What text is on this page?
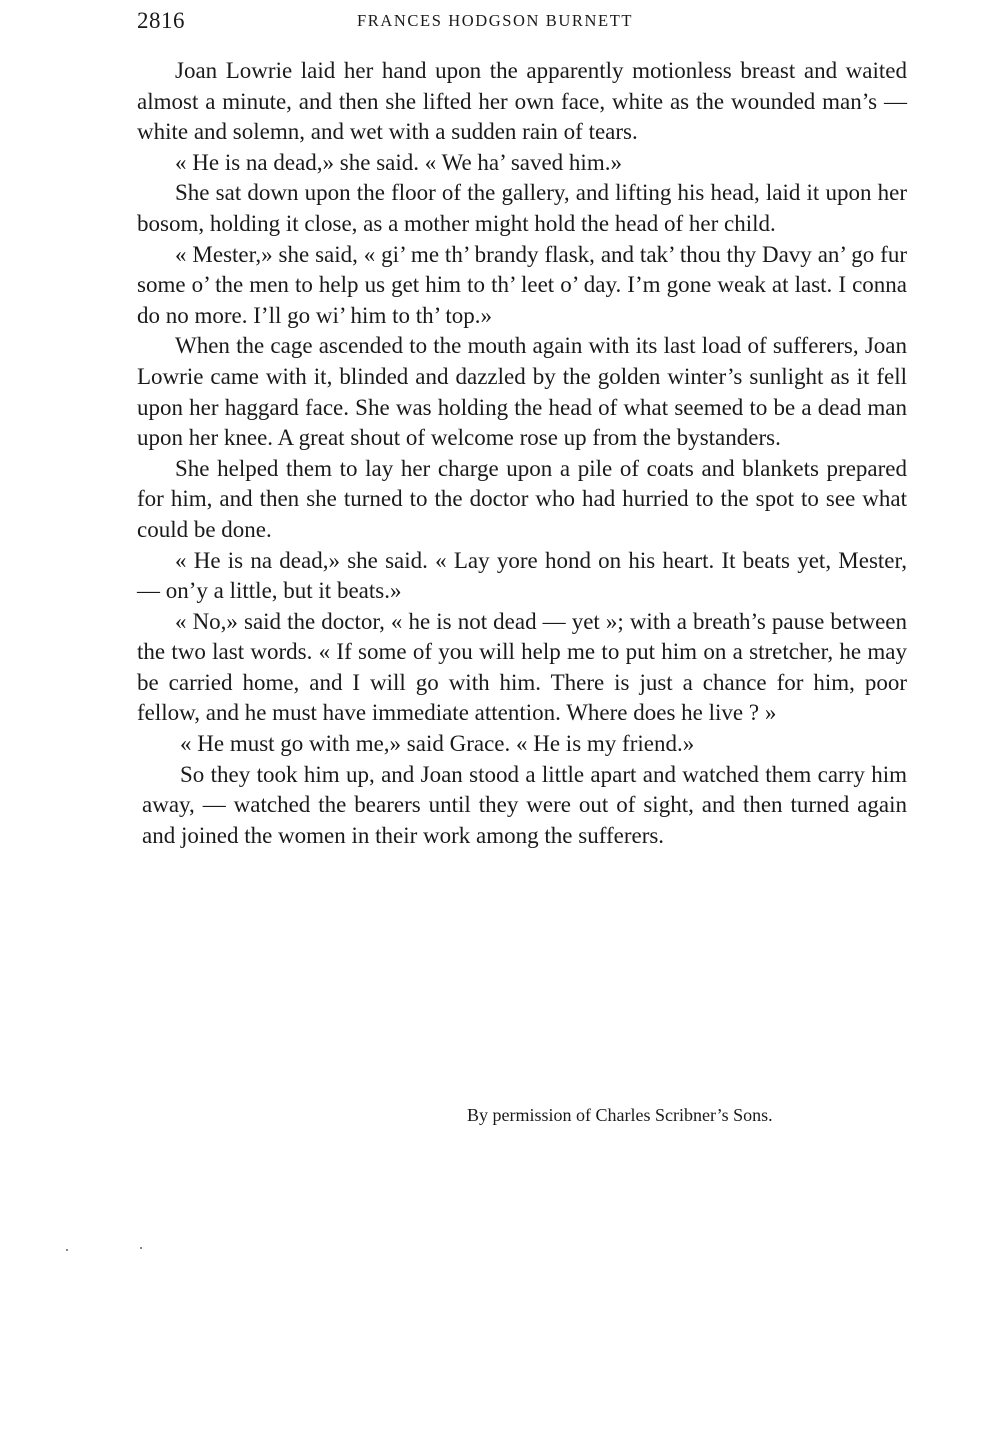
2816	FRANCES HODGSON BURNETT

Joan Lowrie laid her hand upon the apparently motionless breast and waited almost a minute, and then she lifted her own face, white as the wounded man’s — white and solemn, and wet with a sudden rain of tears.

« He is na dead,» she said. « We ha’ saved him.»

She sat down upon the floor of the gallery, and lifting his head, laid it upon her bosom, holding it close, as a mother might hold the head of her child.

« Mester,» she said, « gi’ me th’ brandy flask, and tak’ thou thy Davy an’ go fur some o’ the men to help us get him to th’ leet o’ day. I’m gone weak at last. I conna do no more. I’ll go wi’ him to th’ top.»

When the cage ascended to the mouth again with its last load of sufferers, Joan Lowrie came with it, blinded and dazzled by the golden winter’s sunlight as it fell upon her haggard face. She was holding the head of what seemed to be a dead man upon her knee. A great shout of welcome rose up from the bystanders.

She helped them to lay her charge upon a pile of coats and blankets prepared for him, and then she turned to the doctor who had hurried to the spot to see what could be done.

« He is na dead,» she said. « Lay yore hond on his heart. It beats yet, Mester, — on’y a little, but it beats.»

« No,» said the doctor, « he is not dead — yet »; with a breath’s pause between the two last words. « If some of you will help me to put him on a stretcher, he may be carried home, and I will go with him. There is just a chance for him, poor fellow, and he must have immediate attention. Where does he live ? »

« He must go with me,» said Grace. « He is my friend.»

So they took him up, and Joan stood a little apart and watched them carry him away, — watched the bearers until they were out of sight, and then turned again and joined the women in their work among the sufferers.

By permission of Charles Scribner’s Sons.
